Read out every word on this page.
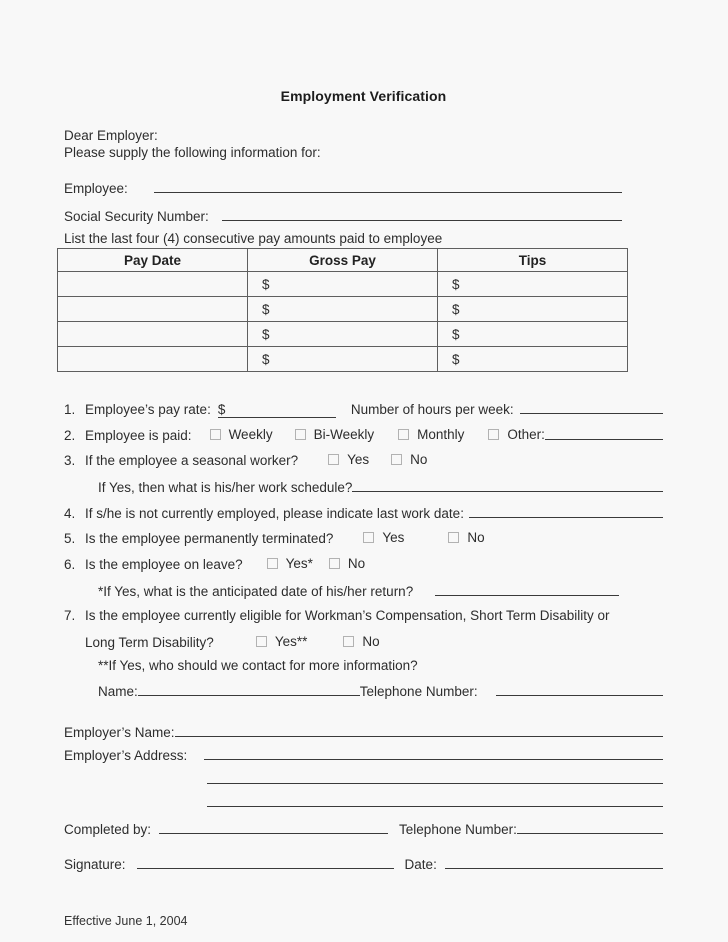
Employment Verification
Dear Employer:
Please supply the following information for:
Employee:
Social Security Number:
List the last four (4) consecutive pay amounts paid to employee
Pay Date	Gross Pay	Tips
	$	$
	$	$
	$	$
	$	$
1. Employee’s pay rate: $	Number of hours per week:
2. Employee is paid:	Weekly	Bi-Weekly	Monthly	Other:
3. If the employee a seasonal worker?	Yes	No
If Yes, then what is his/her work schedule?
4. If s/he is not currently employed, please indicate last work date:
5. Is the employee permanently terminated?	Yes	No
6. Is the employee on leave?	Yes*	No
*If Yes, what is the anticipated date of his/her return?
7. Is the employee currently eligible for Workman’s Compensation, Short Term Disability or
Long Term Disability?	Yes**	No
**If Yes, who should we contact for more information?
Name:	Telephone Number:
Employer’s Name:
Employer’s Address:
Completed by:	Telephone Number:
Signature:	Date:
Effective June 1, 2004
